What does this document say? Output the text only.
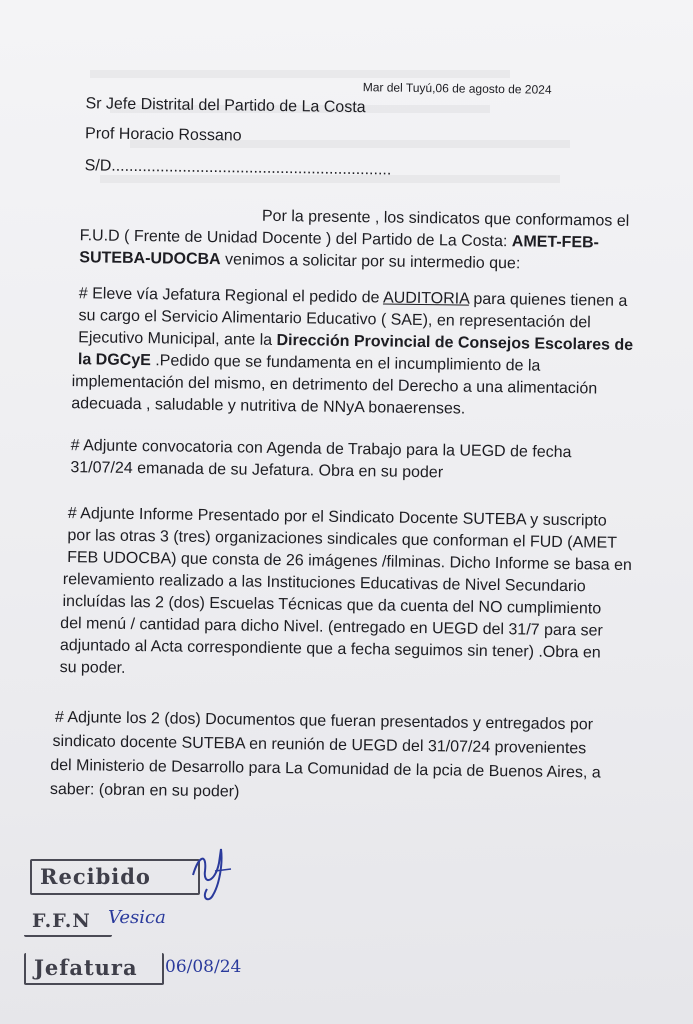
Mar del Tuyú,06 de agosto de 2024
Sr Jefe Distrital del Partido de La Costa
Prof Horacio Rossano
S/D...............................................................
Por la presente , los sindicatos que conformamos el
F.U.D ( Frente de Unidad Docente ) del Partido de La Costa: AMET-FEB-
SUTEBA-UDOCBA venimos a solicitar por su intermedio que:
# Eleve vía Jefatura Regional el pedido de AUDITORIA para quienes tienen a
su cargo el Servicio Alimentario Educativo ( SAE), en representación del
Ejecutivo Municipal, ante la Dirección Provincial de Consejos Escolares de
la DGCyE .Pedido que se fundamenta en el incumplimiento de la
implementación del mismo, en detrimento del Derecho a una alimentación
adecuada , saludable y nutritiva de NNyA bonaerenses.
# Adjunte convocatoria con Agenda de Trabajo para la UEGD de fecha
31/07/24 emanada de su Jefatura. Obra en su poder
# Adjunte Informe Presentado por el Sindicato Docente SUTEBA y suscripto
por las otras 3 (tres) organizaciones sindicales que conforman el FUD (AMET
FEB UDOCBA) que consta de 26 imágenes /filminas. Dicho Informe se basa en
relevamiento realizado a las Instituciones Educativas de Nivel Secundario
incluídas las 2 (dos) Escuelas Técnicas que da cuenta del NO cumplimiento
del menú / cantidad para dicho Nivel. (entregado en UEGD del 31/7 para ser
adjuntado al Acta correspondiente que a fecha seguimos sin tener) .Obra en
su poder.
# Adjunte los 2 (dos) Documentos que fueran presentados y entregados por
sindicato docente SUTEBA en reunión de UEGD del 31/07/24 provenientes
del Ministerio de Desarrollo para La Comunidad de la pcia de Buenos Aires, a
saber: (obran en su poder)
Recibido
F.F.N Vesica
Jefatura	06/08/24
